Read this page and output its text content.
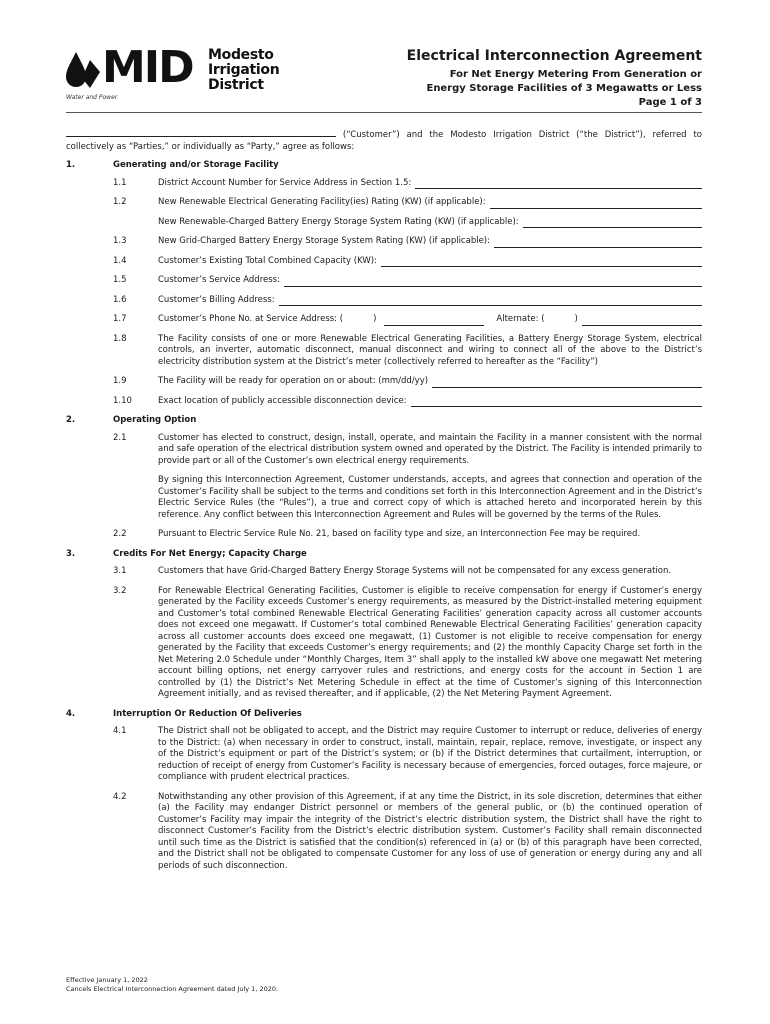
MID Modesto
Irrigation
District
Water and Power
Electrical Interconnection Agreement
For Net Energy Metering From Generation or
Energy Storage Facilities of 3 Megawatts or Less
Page 1 of 3
(“Customer”) and the Modesto Irrigation District (“the District”), referred to collectively as “Parties,” or individually as “Party,” agree as follows:
1.	Generating and/or Storage Facility
1.1	District Account Number for Service Address in Section 1.5:
1.2	New Renewable Electrical Generating Facility(ies) Rating (KW) (if applicable):
New Renewable-Charged Battery Energy Storage System Rating (KW) (if applicable):
1.3	New Grid-Charged Battery Energy Storage System Rating (KW) (if applicable):
1.4	Customer’s Existing Total Combined Capacity (KW):
1.5	Customer’s Service Address:
1.6	Customer’s Billing Address:
1.7	Customer’s Phone No. at Service Address: (	)	Alternate: (	)
1.8	The Facility consists of one or more Renewable Electrical Generating Facilities, a Battery Energy Storage System, electrical controls, an inverter, automatic disconnect, manual disconnect and wiring to connect all of the above to the District’s electricity distribution system at the District’s meter (collectively referred to hereafter as the “Facility”)
1.9	The Facility will be ready for operation on or about: (mm/dd/yy)
1.10	Exact location of publicly accessible disconnection device:
2.	Operating Option
2.1	Customer has elected to construct, design, install, operate, and maintain the Facility in a manner consistent with the normal and safe operation of the electrical distribution system owned and operated by the District. The Facility is intended primarily to provide part or all of the Customer’s own electrical energy requirements.
By signing this Interconnection Agreement, Customer understands, accepts, and agrees that connection and operation of the Customer’s Facility shall be subject to the terms and conditions set forth in this Interconnection Agreement and in the District’s Electric Service Rules (the “Rules”), a true and correct copy of which is attached hereto and incorporated herein by this reference. Any conflict between this Interconnection Agreement and Rules will be governed by the terms of the Rules.
2.2	Pursuant to Electric Service Rule No. 21, based on facility type and size, an Interconnection Fee may be required.
3.	Credits For Net Energy; Capacity Charge
3.1	Customers that have Grid-Charged Battery Energy Storage Systems will not be compensated for any excess generation.
3.2	For Renewable Electrical Generating Facilities, Customer is eligible to receive compensation for energy if Customer’s energy generated by the Facility exceeds Customer’s energy requirements, as measured by the District-installed metering equipment and Customer’s total combined Renewable Electrical Generating Facilities’ generation capacity across all customer accounts does not exceed one megawatt. If Customer’s total combined Renewable Electrical Generating Facilities’ generation capacity across all customer accounts does exceed one megawatt, (1) Customer is not eligible to receive compensation for energy generated by the Facility that exceeds Customer’s energy requirements; and (2) the monthly Capacity Charge set forth in the Net Metering 2.0 Schedule under “Monthly Charges, Item 3” shall apply to the installed kW above one megawatt Net metering account billing options, net energy carryover rules and restrictions, and energy costs for the account in Section 1 are controlled by (1) the District’s Net Metering Schedule in effect at the time of Customer’s signing of this Interconnection Agreement initially, and as revised thereafter, and if applicable, (2) the Net Metering Payment Agreement.
4.	Interruption Or Reduction Of Deliveries
4.1	The District shall not be obligated to accept, and the District may require Customer to interrupt or reduce, deliveries of energy to the District: (a) when necessary in order to construct, install, maintain, repair, replace, remove, investigate, or inspect any of the District’s equipment or part of the District’s system; or (b) if the District determines that curtailment, interruption, or reduction of receipt of energy from Customer’s Facility is necessary because of emergencies, forced outages, force majeure, or compliance with prudent electrical practices.
4.2	Notwithstanding any other provision of this Agreement, if at any time the District, in its sole discretion, determines that either (a) the Facility may endanger District personnel or members of the general public, or (b) the continued operation of Customer’s Facility may impair the integrity of the District’s electric distribution system, the District shall have the right to disconnect Customer’s Facility from the District’s electric distribution system. Customer’s Facility shall remain disconnected until such time as the District is satisfied that the condition(s) referenced in (a) or (b) of this paragraph have been corrected, and the District shall not be obligated to compensate Customer for any loss of use of generation or energy during any and all periods of such disconnection.
Effective January 1, 2022
Cancels Electrical Interconnection Agreement dated July 1, 2020.
